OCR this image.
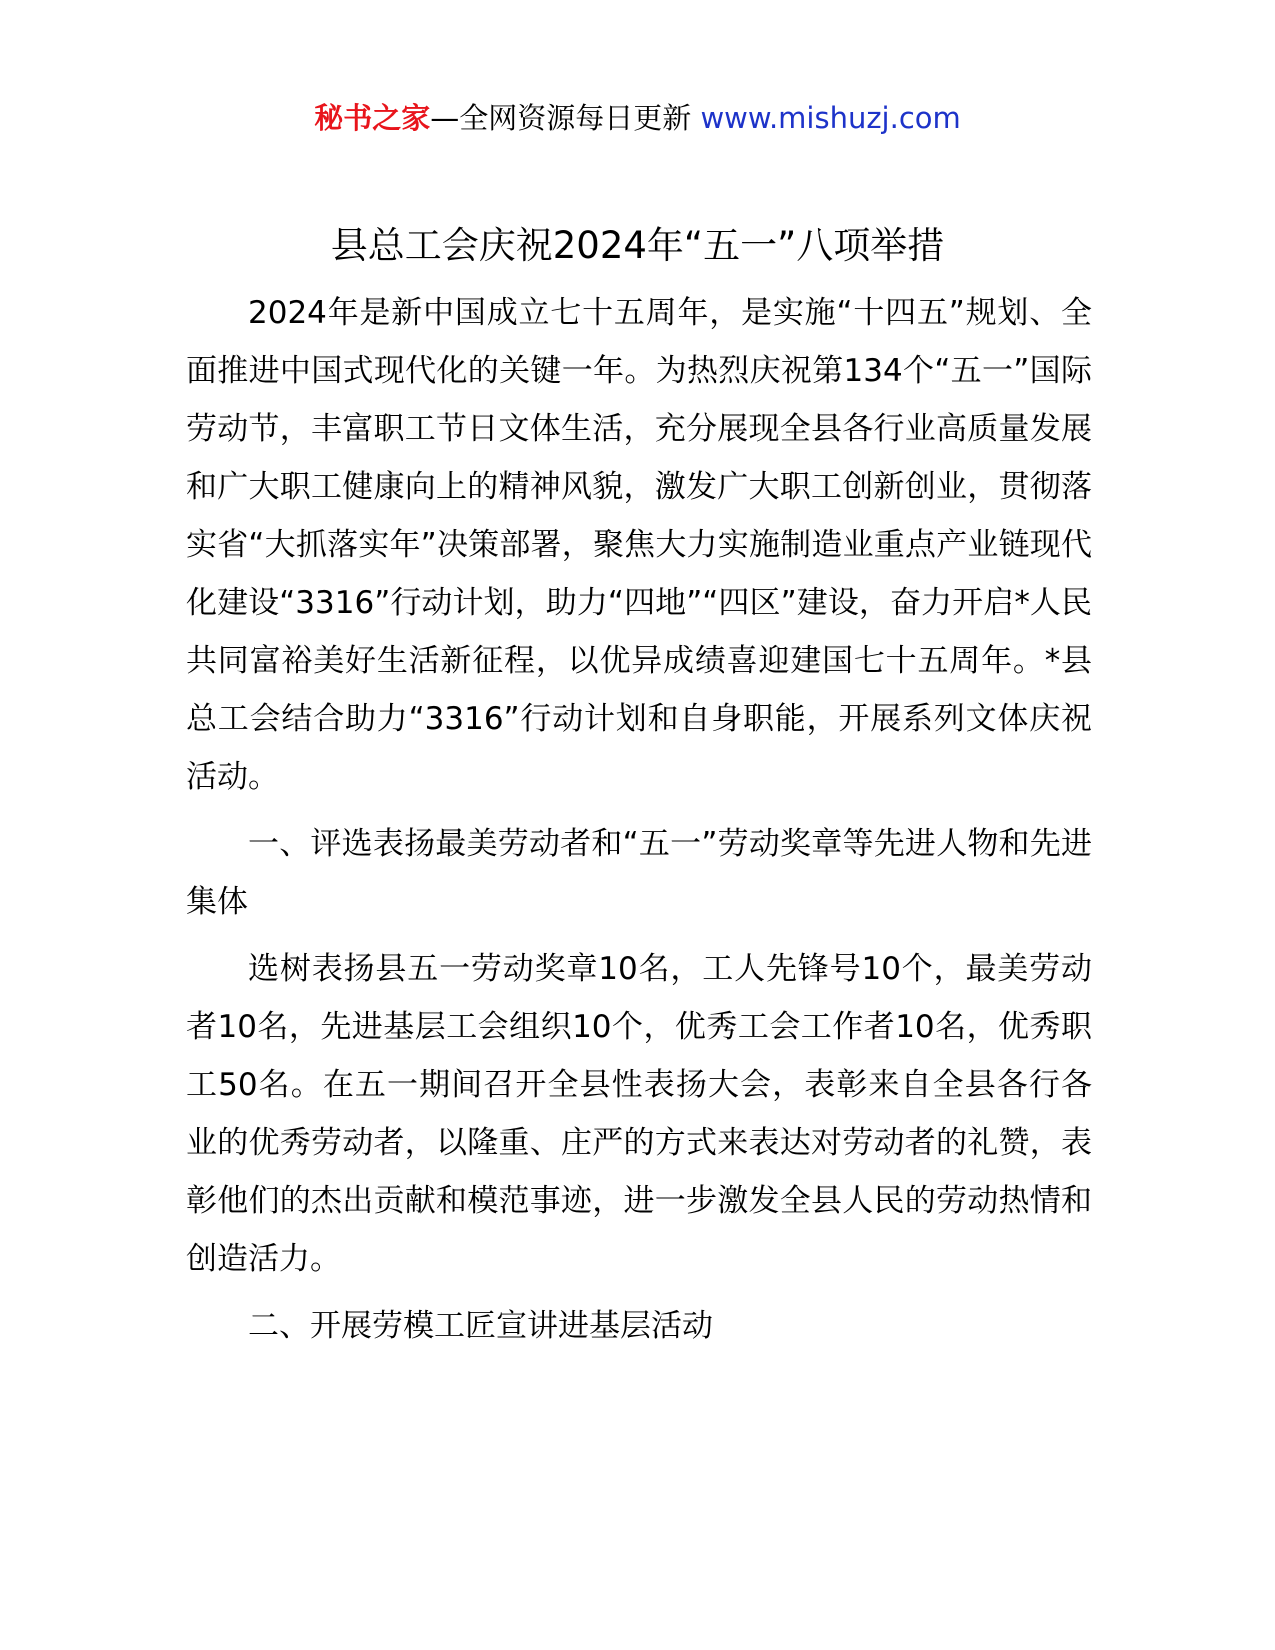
秘书之家—全网资源每日更新 www.mishuzj.com
县总工会庆祝2024年“五一”八项举措

2024年是新中国成立七十五周年，是实施“十四五”规划、全面推进中国式现代化的关键一年。为热烈庆祝第134个“五一”国际劳动节，丰富职工节日文体生活，充分展现全县各行业高质量发展和广大职工健康向上的精神风貌，激发广大职工创新创业，贯彻落实省“大抓落实年”决策部署，聚焦大力实施制造业重点产业链现代化建设“3316”行动计划，助力“四地”“四区”建设，奋力开启*人民共同富裕美好生活新征程，以优异成绩喜迎建国七十五周年。*县总工会结合助力“3316”行动计划和自身职能，开展系列文体庆祝活动。

一、评选表扬最美劳动者和“五一”劳动奖章等先进人物和先进集体

选树表扬县五一劳动奖章10名，工人先锋号10个，最美劳动者10名，先进基层工会组织10个，优秀工会工作者10名，优秀职工50名。在五一期间召开全县性表扬大会，表彰来自全县各行各业的优秀劳动者，以隆重、庄严的方式来表达对劳动者的礼赞，表彰他们的杰出贡献和模范事迹，进一步激发全县人民的劳动热情和创造活力。

二、开展劳模工匠宣讲进基层活动
